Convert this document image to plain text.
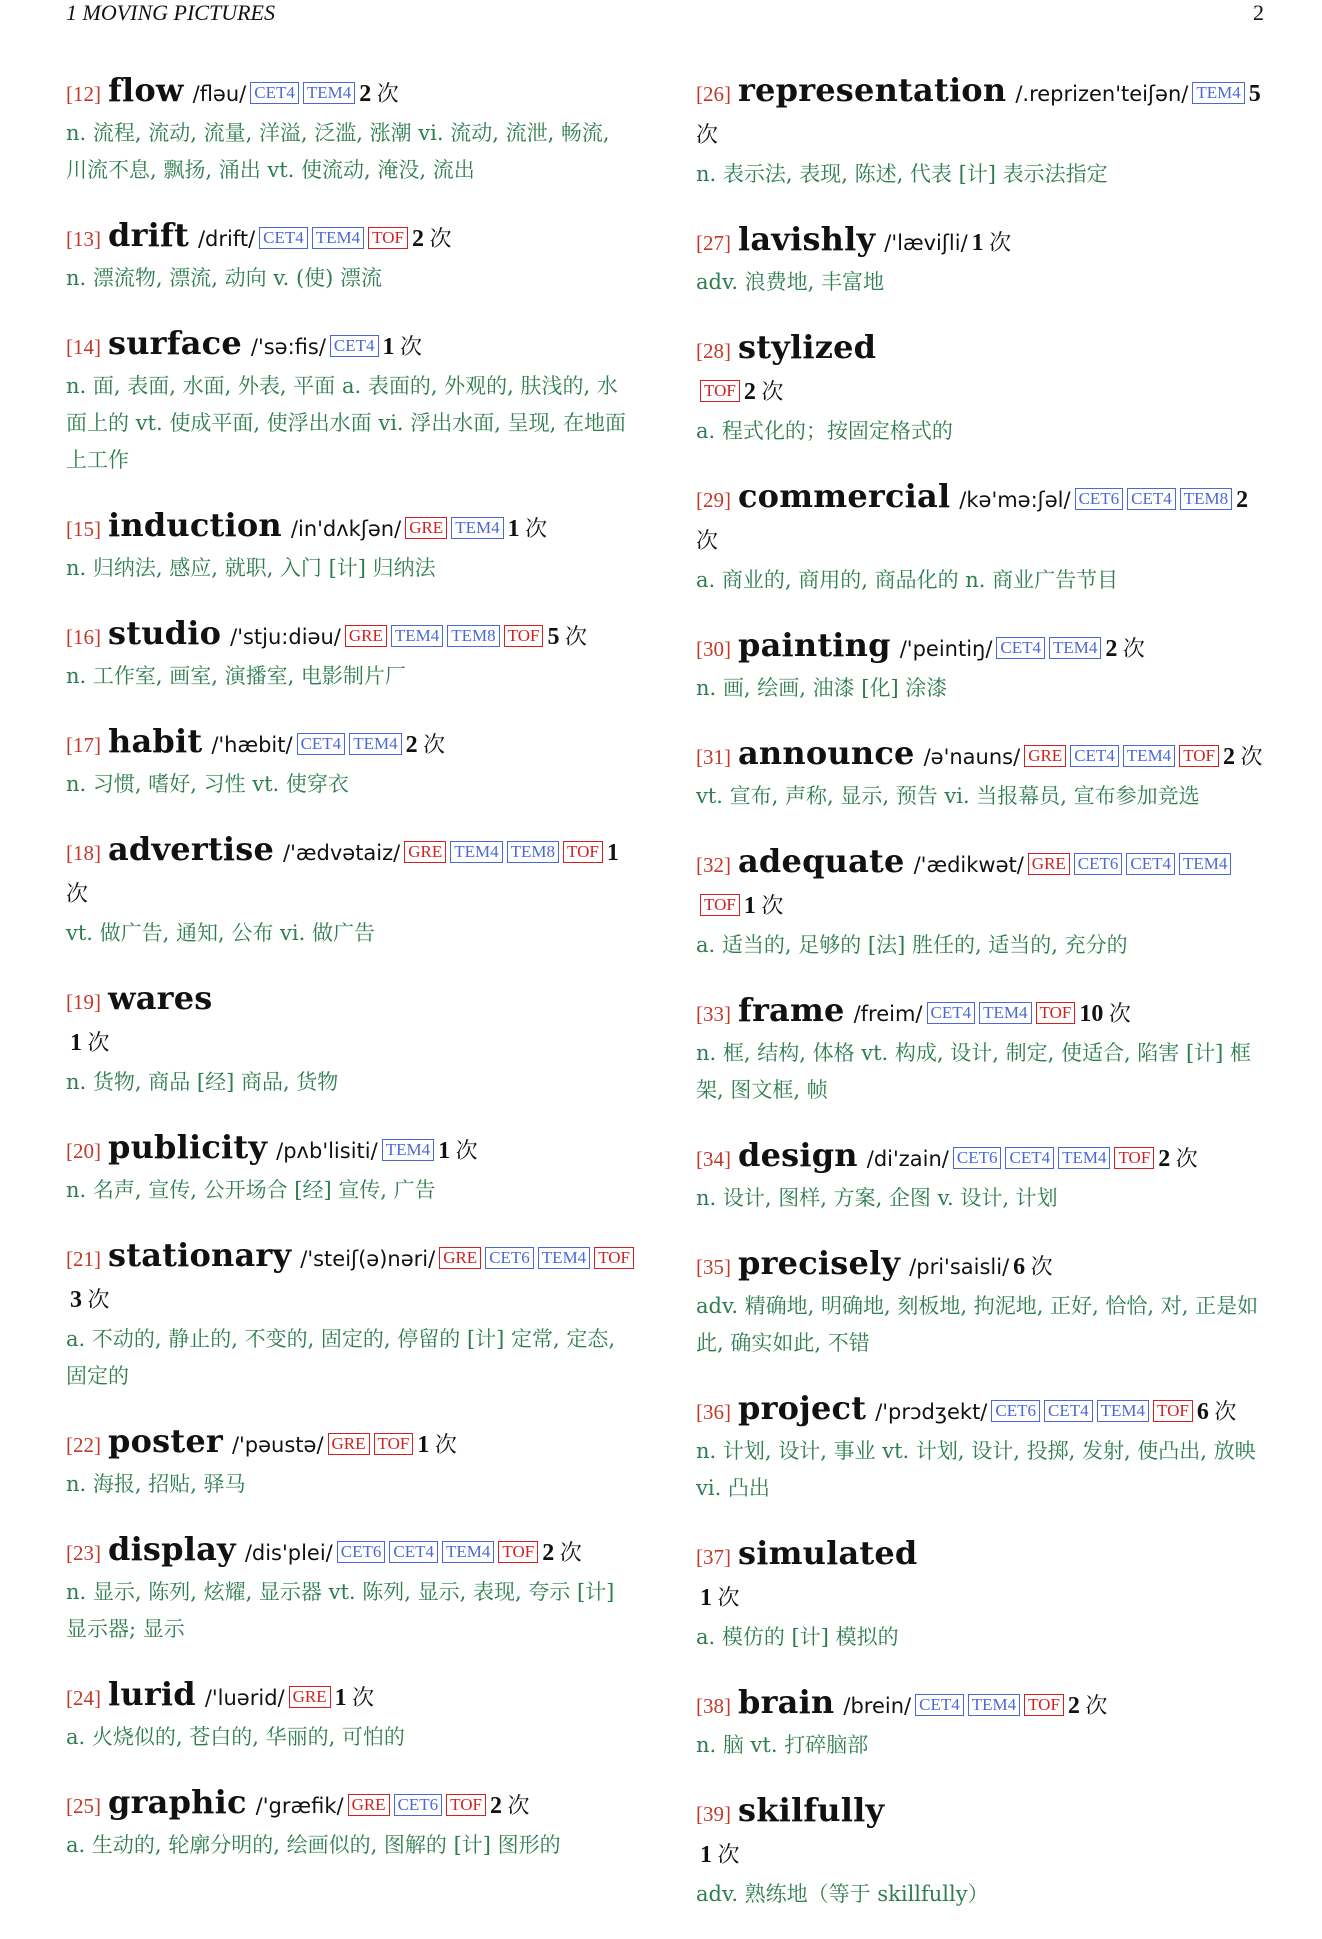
1 MOVING PICTURES	2
[12] flow /fləu/ CET4 TEM4 2 次
n. 流程, 流动, 流量, 洋溢, 泛滥, 涨潮 vi. 流动, 流泄, 畅流, 川流不息, 飘扬, 涌出 vt. 使流动, 淹没, 流出
[13] drift /drift/ CET4 TEM4 TOF 2 次
n. 漂流物, 漂流, 动向 v. (使) 漂流
[14] surface /'sə:fis/ CET4 1 次
n. 面, 表面, 水面, 外表, 平面 a. 表面的, 外观的, 肤浅的, 水面上的 vt. 使成平面, 使浮出水面 vi. 浮出水面, 呈现, 在地面上工作
[15] induction /in'dʌkʃən/ GRE TEM4 1 次
n. 归纳法, 感应, 就职, 入门 [计] 归纳法
[16] studio /'stju:diəu/ GRE TEM4 TEM8 TOF 5 次
n. 工作室, 画室, 演播室, 电影制片厂
[17] habit /'hæbit/ CET4 TEM4 2 次
n. 习惯, 嗜好, 习性 vt. 使穿衣
[18] advertise /'ædvətaiz/ GRE TEM4 TEM8 TOF 1 次
vt. 做广告, 通知, 公布 vi. 做广告
[19] wares
1 次
n. 货物, 商品 [经] 商品, 货物
[20] publicity /pʌb'lisiti/ TEM4 1 次
n. 名声, 宣传, 公开场合 [经] 宣传, 广告
[21] stationary /'steiʃ(ə)nəri/ GRE CET6 TEM4 TOF
3 次
a. 不动的, 静止的, 不变的, 固定的, 停留的 [计] 定常, 定态, 固定的
[22] poster /'pəustə/ GRE TOF 1 次
n. 海报, 招贴, 驿马
[23] display /dis'plei/ CET6 CET4 TEM4 TOF 2 次
n. 显示, 陈列, 炫耀, 显示器 vt. 陈列, 显示, 表现, 夸示 [计] 显示器; 显示
[24] lurid /'luərid/ GRE 1 次
a. 火烧似的, 苍白的, 华丽的, 可怕的
[25] graphic /'græfik/ GRE CET6 TOF 2 次
a. 生动的, 轮廓分明的, 绘画似的, 图解的 [计] 图形的
[26] representation /.reprizen'teiʃən/ TEM4 5 次
n. 表示法, 表现, 陈述, 代表 [计] 表示法指定
[27] lavishly /'læviʃli/ 1 次
adv. 浪费地, 丰富地
[28] stylized
TOF 2 次
a. 程式化的；按固定格式的
[29] commercial /kə'mə:ʃəl/ CET6 CET4 TEM8 2 次
a. 商业的, 商用的, 商品化的 n. 商业广告节目
[30] painting /'peintiŋ/ CET4 TEM4 2 次
n. 画, 绘画, 油漆 [化] 涂漆
[31] announce /ə'nauns/ GRE CET4 TEM4 TOF 2 次
vt. 宣布, 声称, 显示, 预告 vi. 当报幕员, 宣布参加竞选
[32] adequate /'ædikwət/ GRE CET6 CET4 TEM4TOF 1 次
a. 适当的, 足够的 [法] 胜任的, 适当的, 充分的
[33] frame /freim/ CET4 TEM4 TOF 10 次
n. 框, 结构, 体格 vt. 构成, 设计, 制定, 使适合, 陷害 [计] 框架, 图文框, 帧
[34] design /di'zain/ CET6 CET4 TEM4 TOF 2 次
n. 设计, 图样, 方案, 企图 v. 设计, 计划
[35] precisely /pri'saisli/ 6 次
adv. 精确地, 明确地, 刻板地, 拘泥地, 正好, 恰恰, 对, 正是如此, 确实如此, 不错
[36] project /'prɔdʒekt/ CET6 CET4 TEM4 TOF 6 次
n. 计划, 设计, 事业 vt. 计划, 设计, 投掷, 发射, 使凸出, 放映 vi. 凸出
[37] simulated
1 次
a. 模仿的 [计] 模拟的
[38] brain /brein/ CET4 TEM4 TOF 2 次
n. 脑 vt. 打碎脑部
[39] skilfully
1 次
adv. 熟练地（等于 skillfully）
